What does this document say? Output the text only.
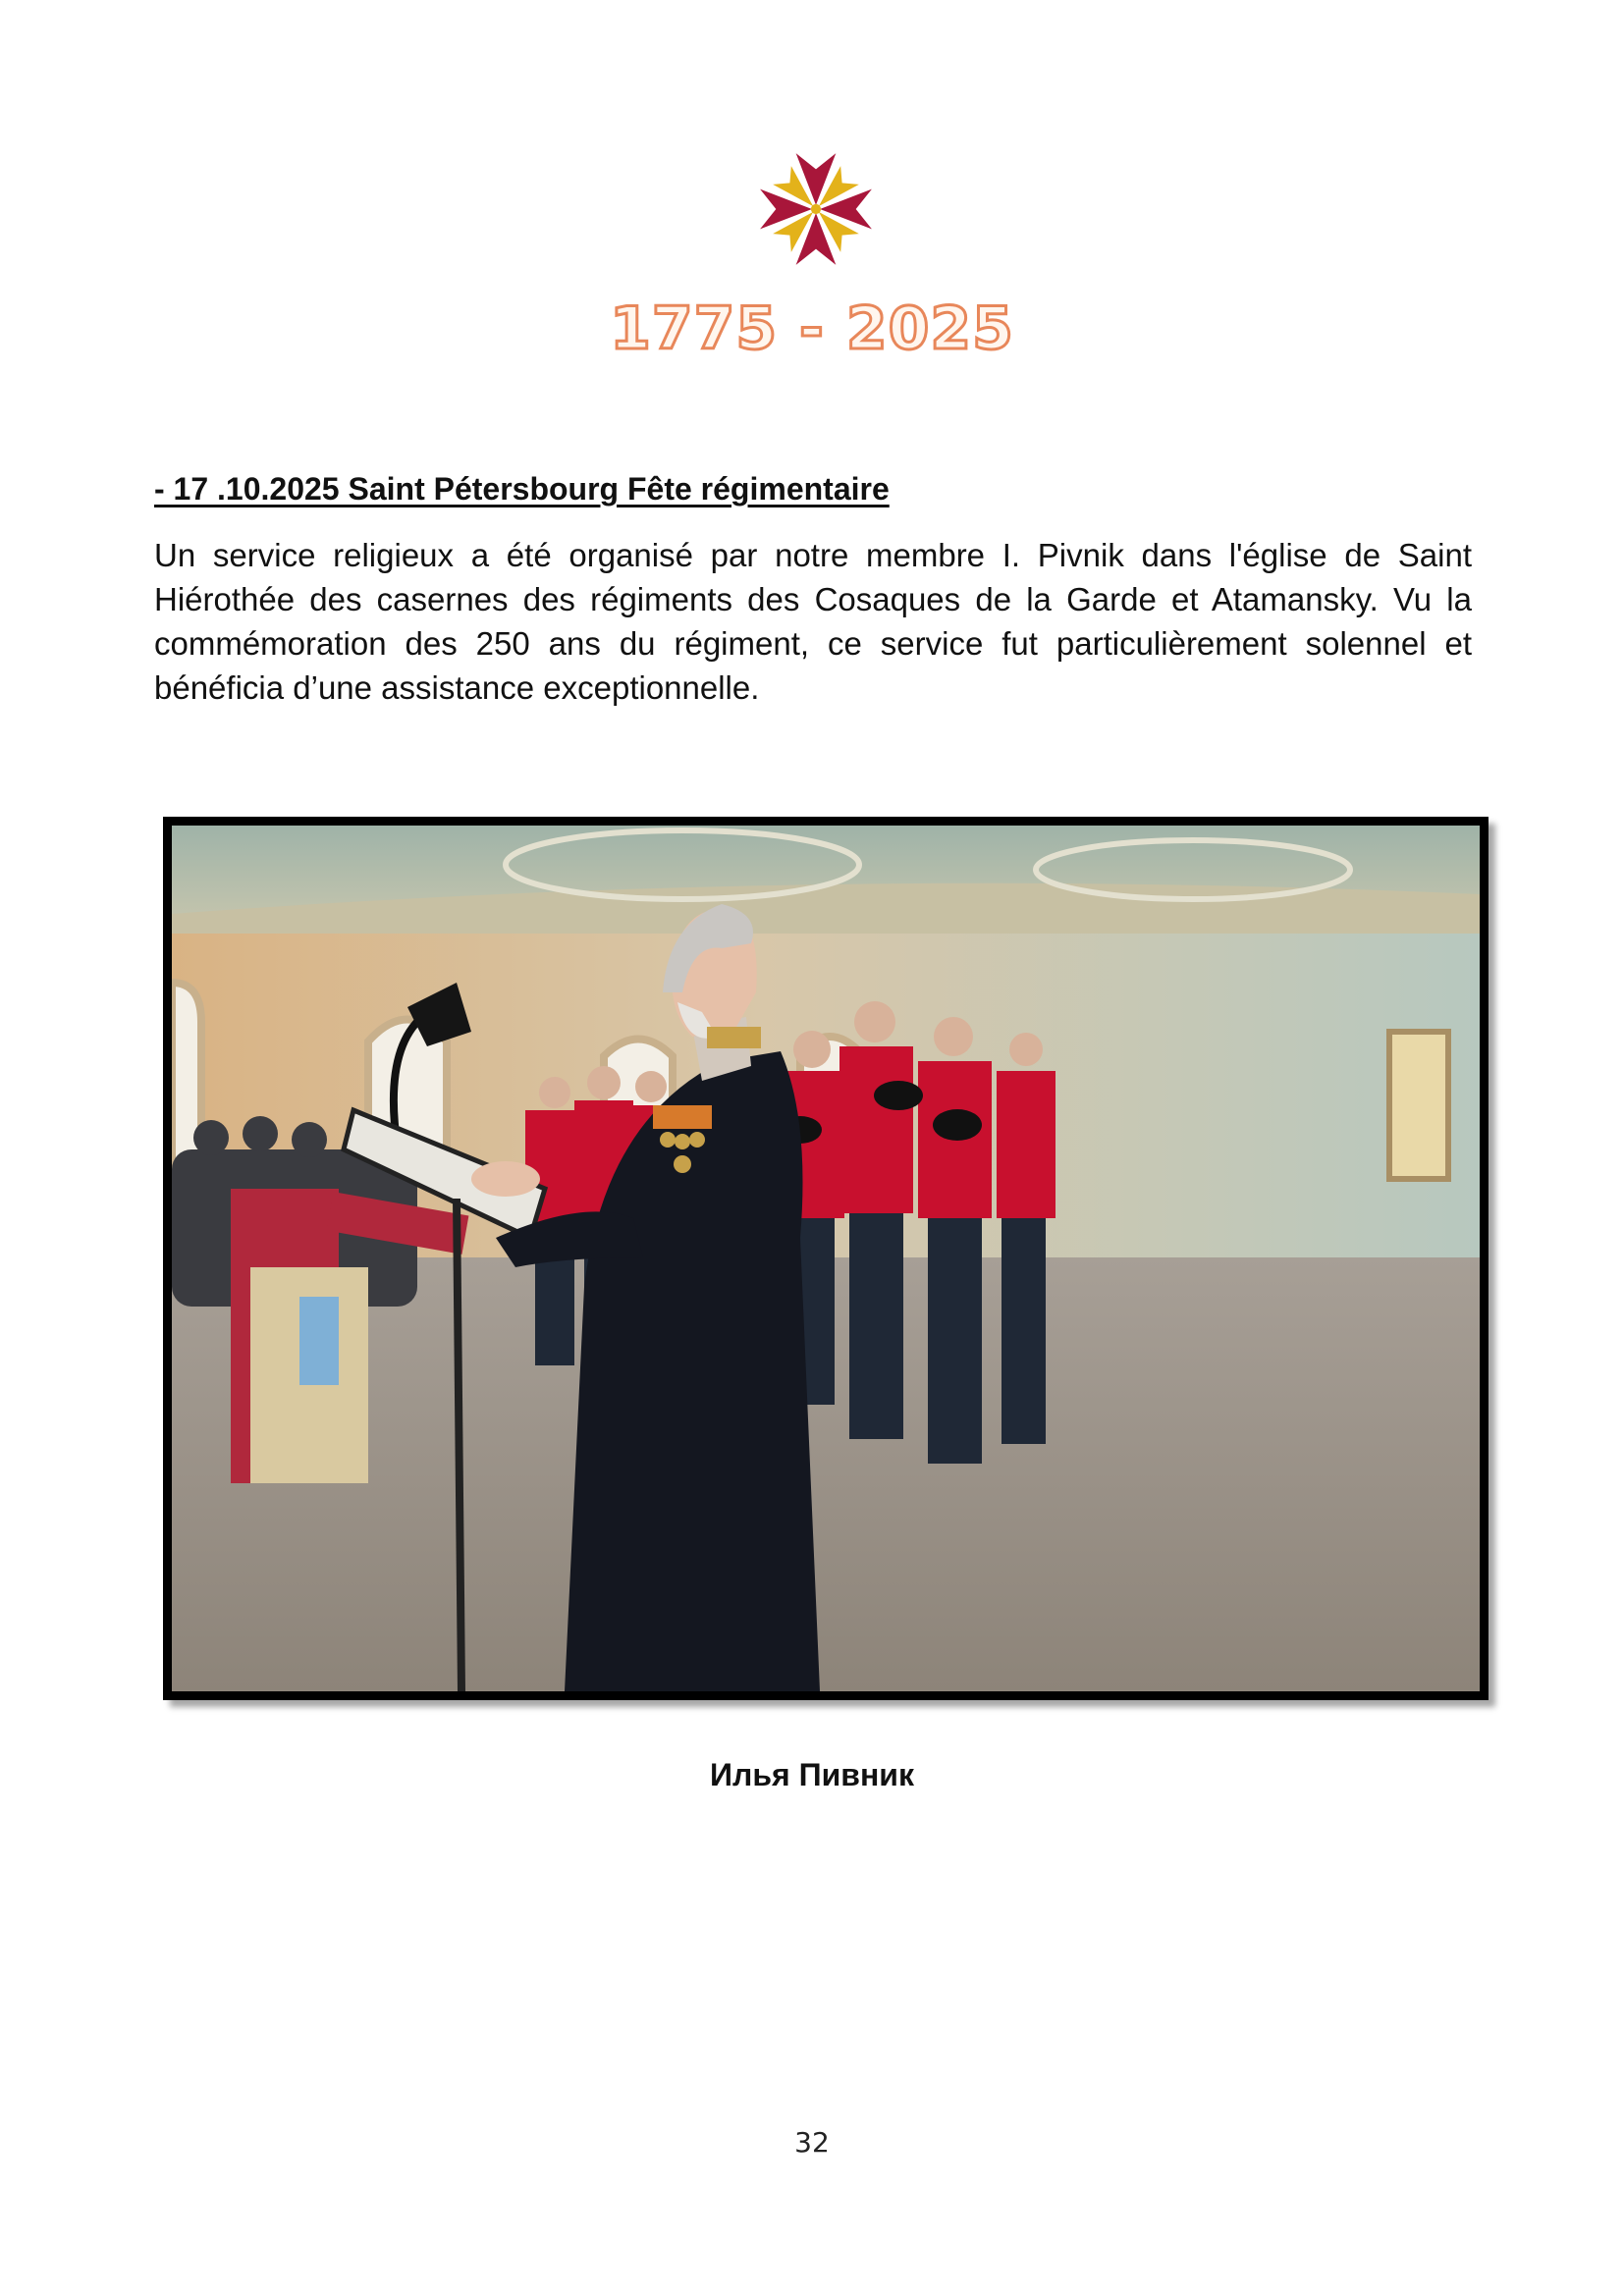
1775 - 2025
- 17 .10.2025 Saint Pétersbourg Fête régimentaire

Un service religieux a été organisé par notre membre I. Pivnik dans l'église de Saint Hiérothée des casernes des régiments des Cosaques de la Garde et Atamansky. Vu la commémoration des 250 ans du régiment, ce service fut particulièrement solennel et bénéficia d’une assistance exceptionnelle.

Илья Пивник
32
